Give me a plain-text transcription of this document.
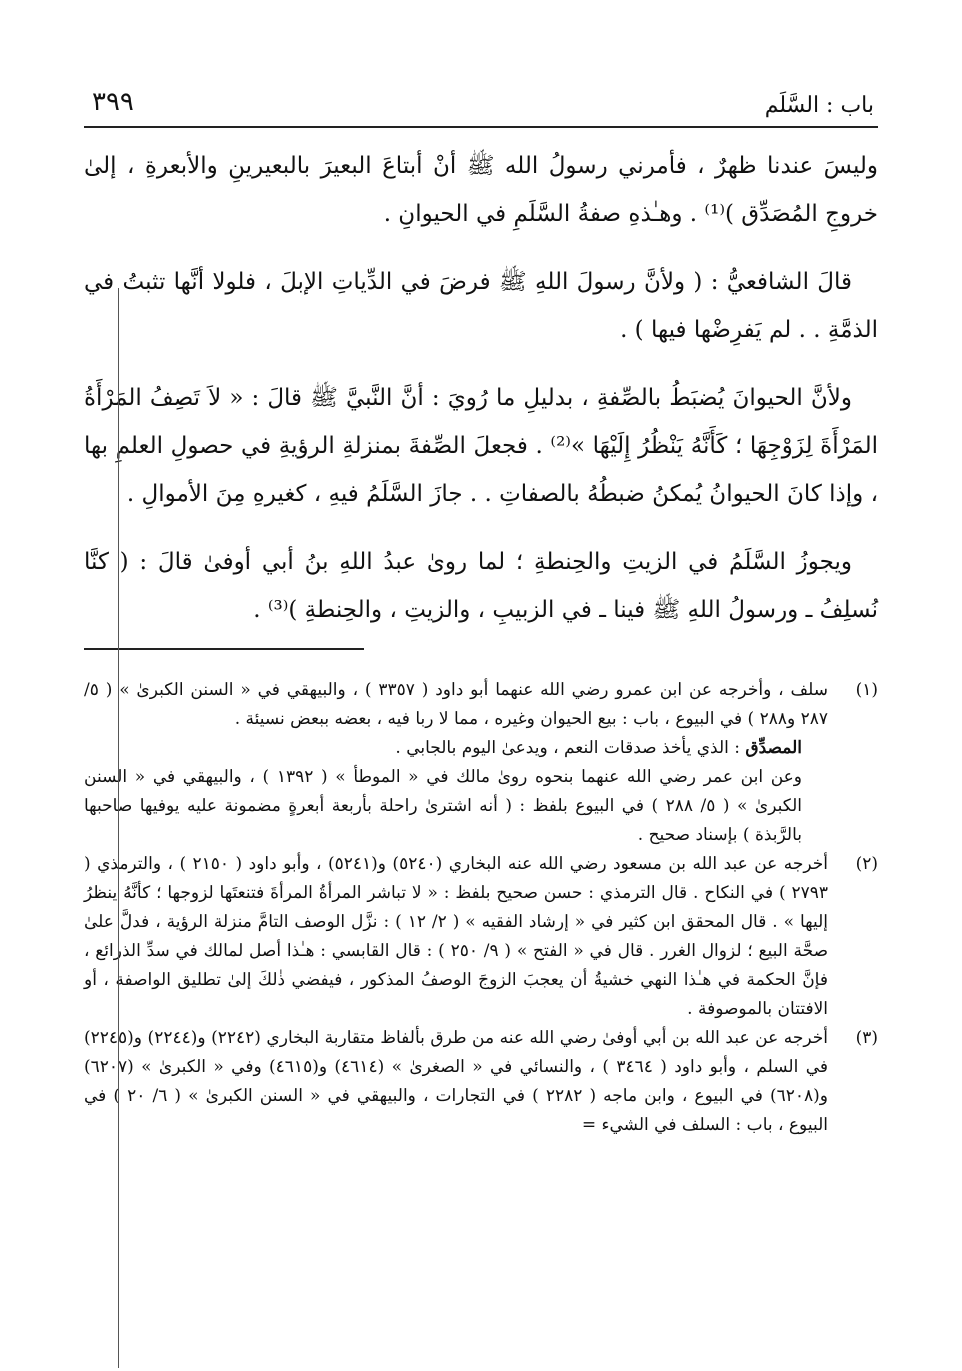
٣٩٩	باب : السَّلَم

وليسَ عندنا ظهرٌ ، فأمرني رسولُ الله ﷺ أنْ أبتاعَ البعيرَ بالبعيرينِ والأبعرةِ ، إلىٰ خروجِ المُصَدِّق )⁽¹⁾ . وهـٰذهِ صفةُ السَّلَمِ في الحيوانِ .

قالَ الشافعيُّ : ( ولأنَّ رسولَ اللهِ ﷺ فرضَ في الدِّياتِ الإبلَ ، فلولا أنَّها تثبتُ في الذمَّةِ . . لم يَفرِضْها فيها ) .

ولأنَّ الحيوانَ يُضبَطُ بالصِّفةِ ، بدليلِ ما رُويَ : أنَّ النَّبيَّ ﷺ قالَ : « لاَ تَصِفُ المَرْأَةُ المَرْأَةَ لِزَوْجِهَا ؛ كَأَنَّهُ يَنْظُرُ إِلَيْهَا »⁽²⁾ . فجعلَ الصِّفةَ بمنزلةِ الرؤيةِ في حصولِ العلمِ بها ، وإذا كانَ الحيوانُ يُمكنُ ضبطُهُ بالصفاتِ . . جازَ السَّلَمُ فيهِ ، كغيرهِ مِنَ الأموالِ .

ويجوزُ السَّلَمُ في الزيتِ والحِنطةِ ؛ لما روىٰ عبدُ اللهِ بنُ أبي أوفىٰ قالَ : ( كنَّا نُسلِفُ ـ ورسولُ اللهِ ﷺ فينا ـ في الزبيبِ ، والزيتِ ، والحِنطةِ )⁽³⁾ .

(١)

سلف ، وأخرجه عن ابن عمرو رضي الله عنهما أبو داود ( ٣٣٥٧ ) ، والبيهقي في « السنن الكبرىٰ » ( ٥/ ٢٨٧ و٢٨٨ ) في البيوع ، باب : بيع الحيوان وغيره ، مما لا ربا فيه ، بعضه ببعض نسيئة .

المصدِّق : الذي يأخذ صدقات النعم ، ويدعىٰ اليوم بالجابي .

وعن ابن عمر رضي الله عنهما بنحوه روىٰ مالك في « الموطأ » ( ١٣٩٢ ) ، والبيهقي في « السنن الكبرىٰ » ( ٥/ ٢٨٨ ) في البيوع بلفظ : ( أنه اشترىٰ راحلة بأربعة أبعرةٍ مضمونة عليه يوفيها صاحبها بالرَّبذة ) بإسناد صحيح .

(٢)

أخرجه عن عبد الله بن مسعود رضي الله عنه البخاري (٥٢٤٠) و(٥٢٤١) ، وأبو داود ( ٢١٥٠ ) ، والترمذي ( ٢٧٩٣ ) في النكاح . قال الترمذي : حسن صحيح بلفظ : « لا تباشر المرأةُ المرأةَ فتنعتَها لزوجها ؛ كأنَّهُ ينظرُ إليها » . قال المحقق ابن كثير في « إرشاد الفقيه » ( ٢/ ١٢ ) : نزَّل الوصف التامَّ منزلة الرؤية ، فدلَّ علىٰ صحَّة البيع ؛ لزوال الغرر . قال في « الفتح » ( ٩/ ٢٥٠ ) : قال القابسي : هـٰذا أصل لمالك في سدِّ الذرائع ، فإنَّ الحكمة في هـٰذا النهي خشيةُ أن يعجبَ الزوجَ الوصفُ المذكور ، فيفضي ذٰلكَ إلىٰ تطليق الواصفة ، أو الافتتان بالموصوفة .

(٣)

أخرجه عن عبد الله بن أبي أوفىٰ رضي الله عنه من طرق بألفاظ متقاربة البخاري (٢٢٤٢) و(٢٢٤٤) و(٢٢٤٥) في السلم ، وأبو داود ( ٣٤٦٤ ) ، والنسائي في « الصغرىٰ » (٤٦١٤) و(٤٦١٥) وفي « الكبرىٰ » (٦٢٠٧) و(٦٢٠٨) في البيوع ، وابن ماجه ( ٢٢٨٢ ) في التجارات ، والبيهقي في « السنن الكبرىٰ » ( ٦/ ٢٠ ) في البيوع ، باب : السلف في الشيء =
